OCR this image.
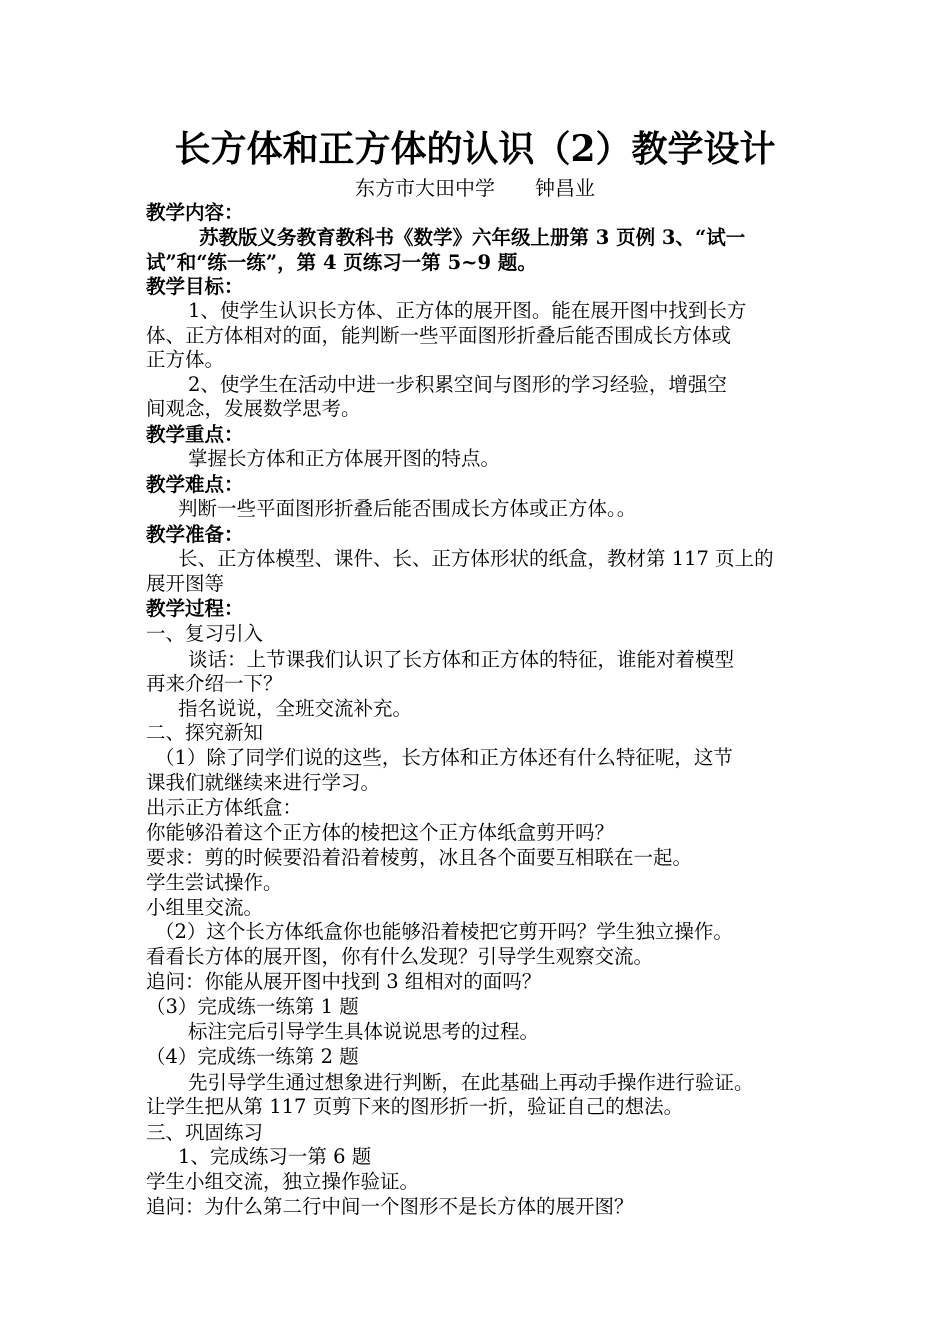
长方体和正方体的认识（2）教学设计
东方市大田中学　　钟昌业
教学内容：
苏教版义务教育教科书《数学》六年级上册第 3 页例 3、“试一
试”和“练一练”，第 4 页练习一第 5~9 题。
教学目标：
1、使学生认识长方体、正方体的展开图。能在展开图中找到长方
体、正方体相对的面，能判断一些平面图形折叠后能否围成长方体或
正方体。
2、使学生在活动中进一步积累空间与图形的学习经验，增强空
间观念，发展数学思考。
教学重点：
掌握长方体和正方体展开图的特点。
教学难点：
判断一些平面图形折叠后能否围成长方体或正方体。。
教学准备：
长、正方体模型、课件、长、正方体形状的纸盒，教材第 117 页上的
展开图等
教学过程：
一、复习引入
谈话：上节课我们认识了长方体和正方体的特征，谁能对着模型
再来介绍一下？
指名说说，全班交流补充。
二、探究新知
（1）除了同学们说的这些，长方体和正方体还有什么特征呢，这节
课我们就继续来进行学习。
出示正方体纸盒：
你能够沿着这个正方体的棱把这个正方体纸盒剪开吗？
要求：剪的时候要沿着沿着棱剪，冰且各个面要互相联在一起。
学生尝试操作。
小组里交流。
（2）这个长方体纸盒你也能够沿着棱把它剪开吗？学生独立操作。
看看长方体的展开图，你有什么发现？引导学生观察交流。
追问：你能从展开图中找到 3 组相对的面吗？
（3）完成练一练第 1 题
标注完后引导学生具体说说思考的过程。
（4）完成练一练第 2 题
先引导学生通过想象进行判断，在此基础上再动手操作进行验证。
让学生把从第 117 页剪下来的图形折一折，验证自己的想法。
三、巩固练习
1、完成练习一第 6 题
学生小组交流，独立操作验证。
追问：为什么第二行中间一个图形不是长方体的展开图？
